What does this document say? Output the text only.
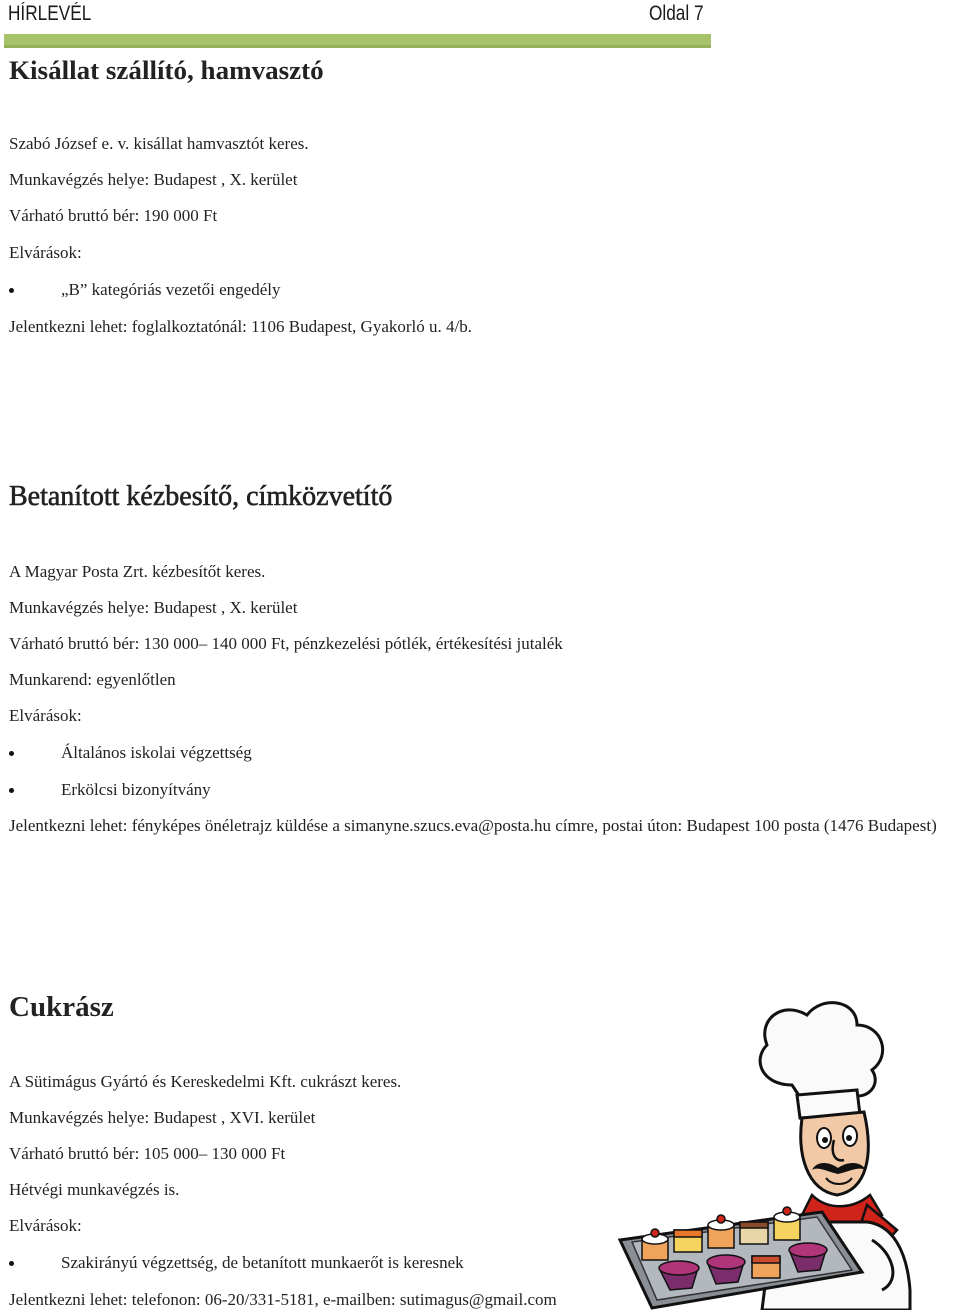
HÍRLEVÉL	Oldal 7
Kisállat szállító, hamvasztó
Szabó József e. v. kisállat hamvasztót keres.
Munkavégzés helye: Budapest , X. kerület
Várható bruttó bér: 190 000 Ft
Elvárások:
„B” kategóriás vezetői engedély
Jelentkezni lehet: foglalkoztatónál: 1106 Budapest, Gyakorló u. 4/b.
Betanított kézbesítő, címközvetítő
A Magyar Posta Zrt. kézbesítőt keres.
Munkavégzés helye: Budapest , X. kerület
Várható bruttó bér: 130 000– 140 000 Ft, pénzkezelési pótlék, értékesítési jutalék
Munkarend: egyenlőtlen
Elvárások:
Általános iskolai végzettség
Erkölcsi bizonyítvány
Jelentkezni lehet: fényképes önéletrajz küldése a simanyne.szucs.eva@posta.hu címre, postai úton: Budapest 100 posta (1476 Budapest)
Cukrász
A Sütimágus Gyártó és Kereskedelmi Kft. cukrászt keres.
Munkavégzés helye: Budapest , XVI. kerület
Várható bruttó bér: 105 000– 130 000 Ft
Hétvégi munkavégzés is.
Elvárások:
Szakirányú végzettség, de betanított munkaerőt is keresnek
Jelentkezni lehet: telefonon: 06-20/331-5181, e-mailben: sutimagus@gmail.com
